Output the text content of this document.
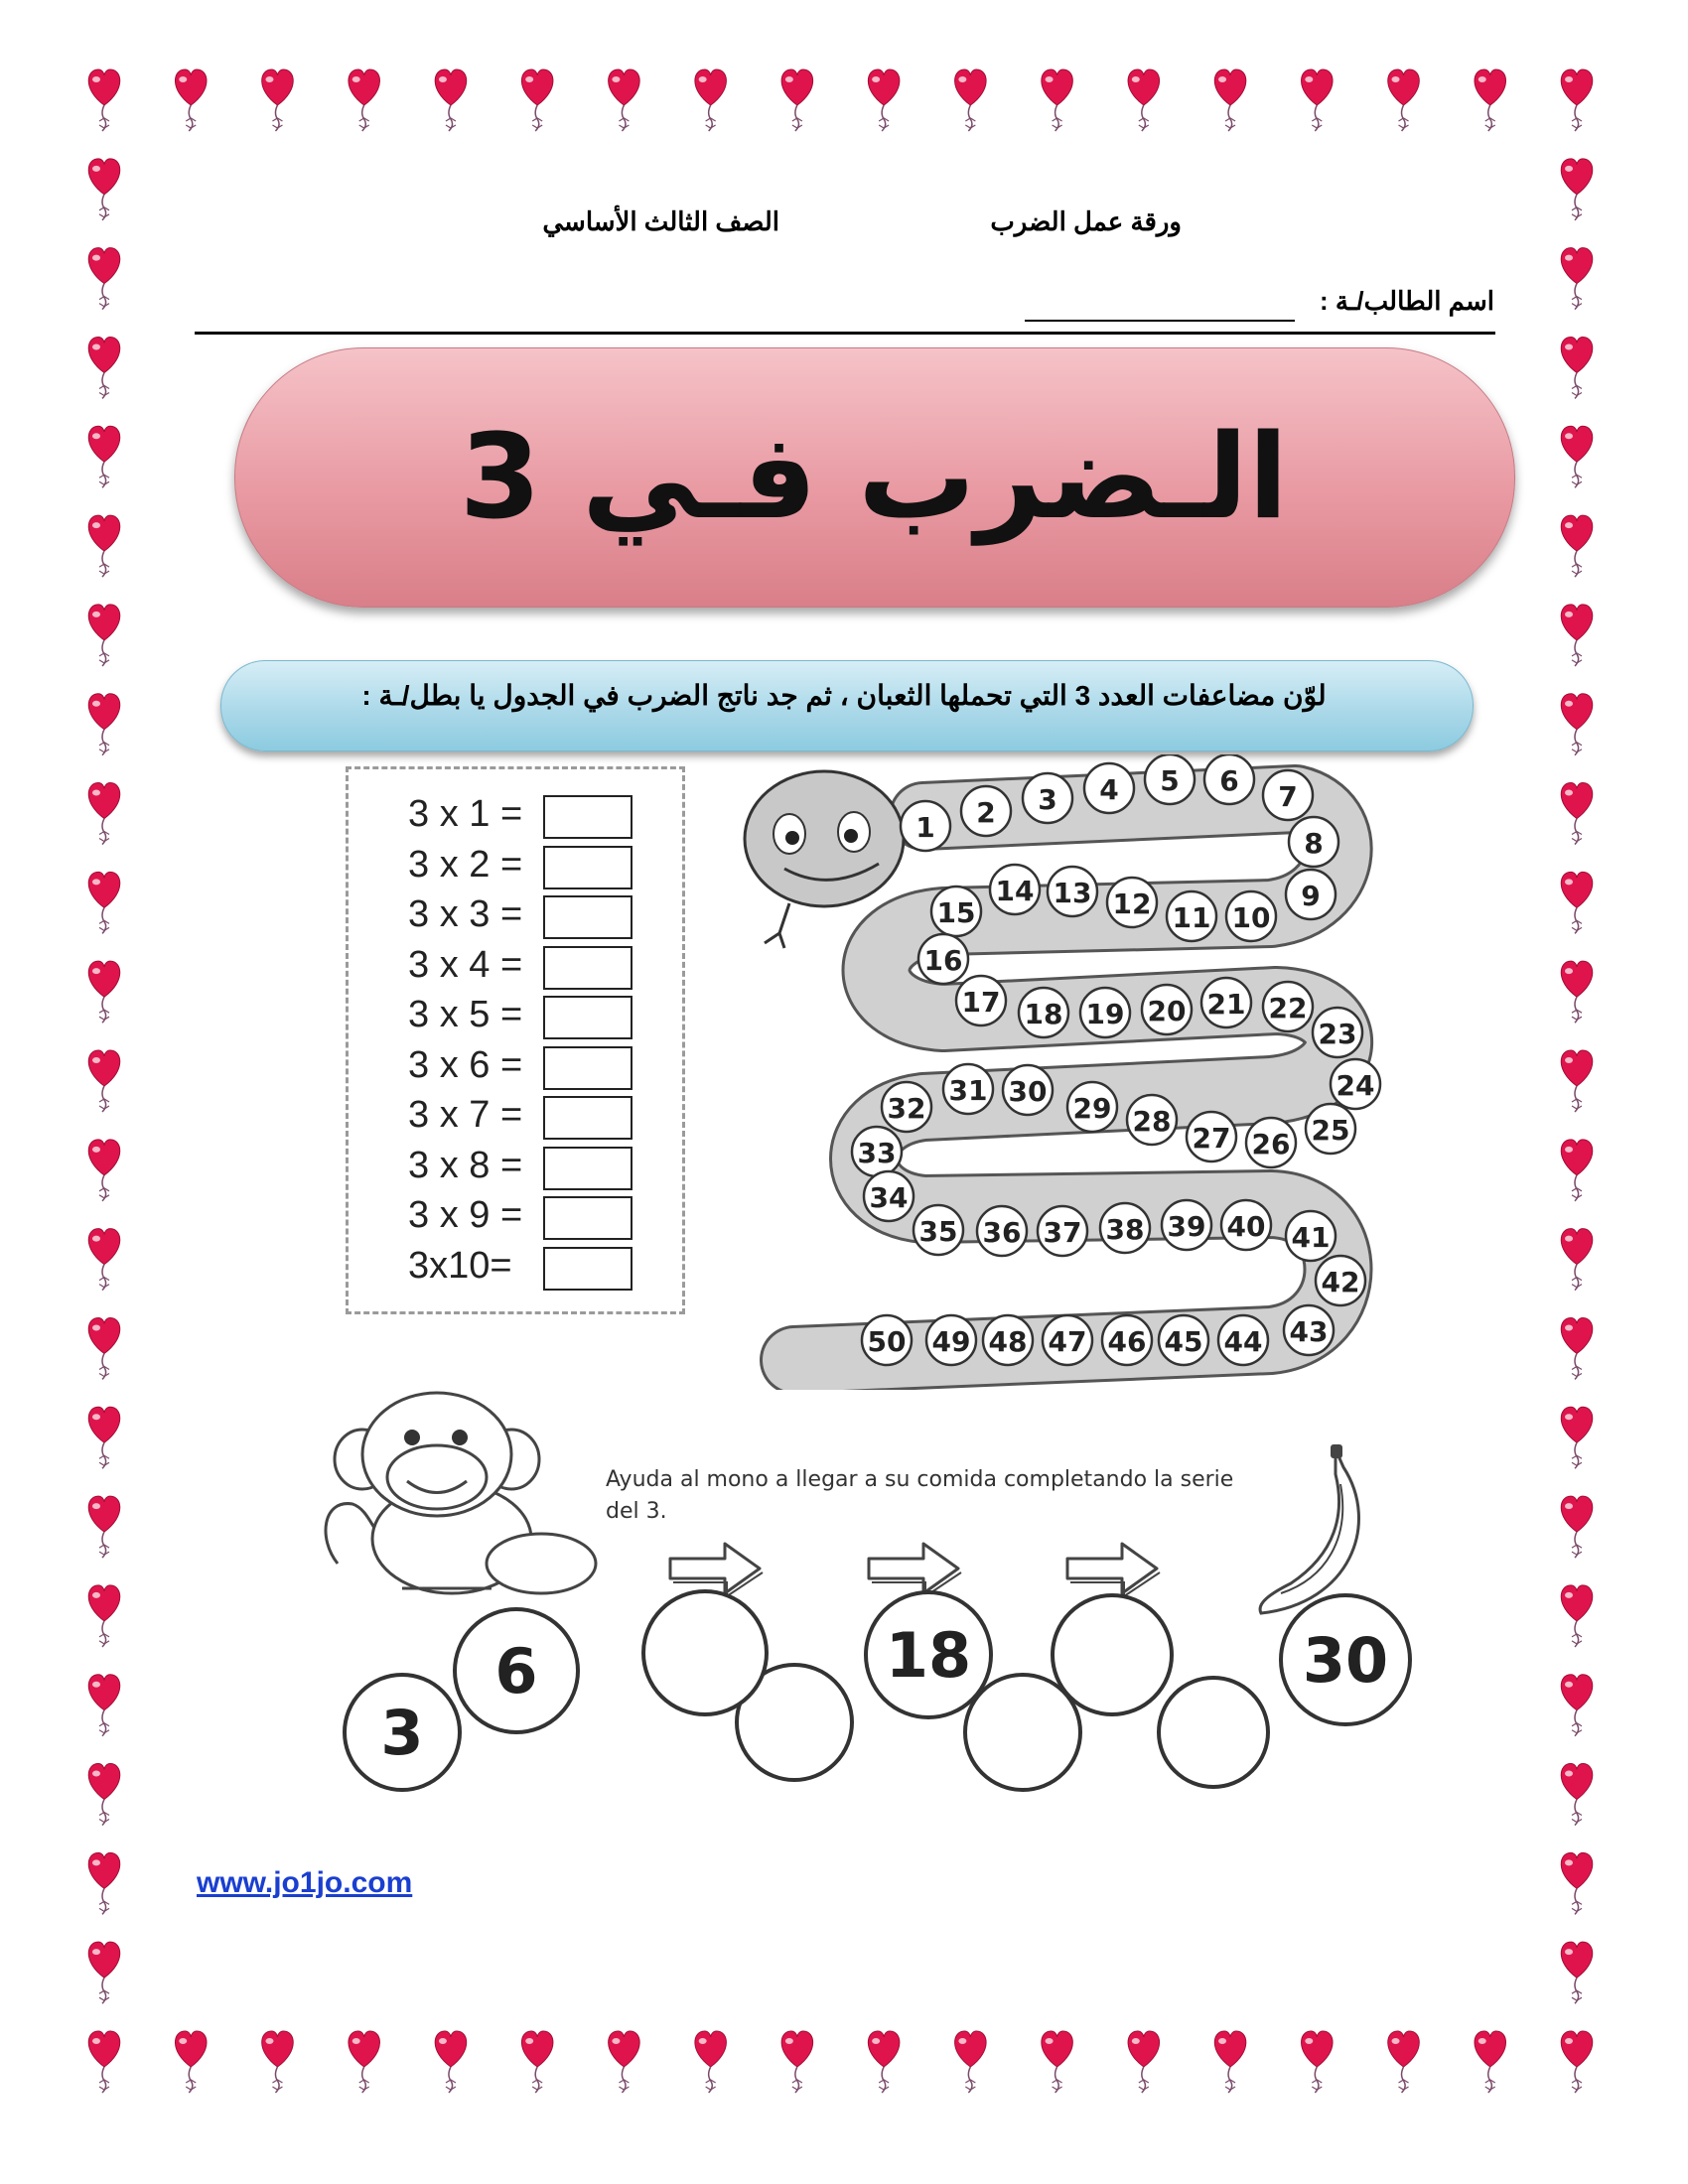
ورقة عمل الضرب
الصف الثالث الأساسي
اسم الطالب/ـة :
الـضرب فـي 3
لوّن مضاعفات العدد 3 التي تحملها الثعبان ، ثم جد ناتج الضرب في الجدول يا بطل/ـة :
3 x 1 =
3 x 2 =
3 x 3 =
3 x 4 =
3 x 5 =
3 x 6 =
3 x 7 =
3 x 8 =
3 x 9 =
3x10=
1 2 3 4 5 6 7
8
9
10
11
12
13
14
15
16
17 18 19 20 21 22
23
24
25
26
27
28
29
30
31
32
33
34
35 36 37 38 39 40 41
42
43
44
45
46
47
48
49
50
Ayuda al mono a llegar a su comida completando la serie del 3.
3
6	18	30
www.jo1jo.com
